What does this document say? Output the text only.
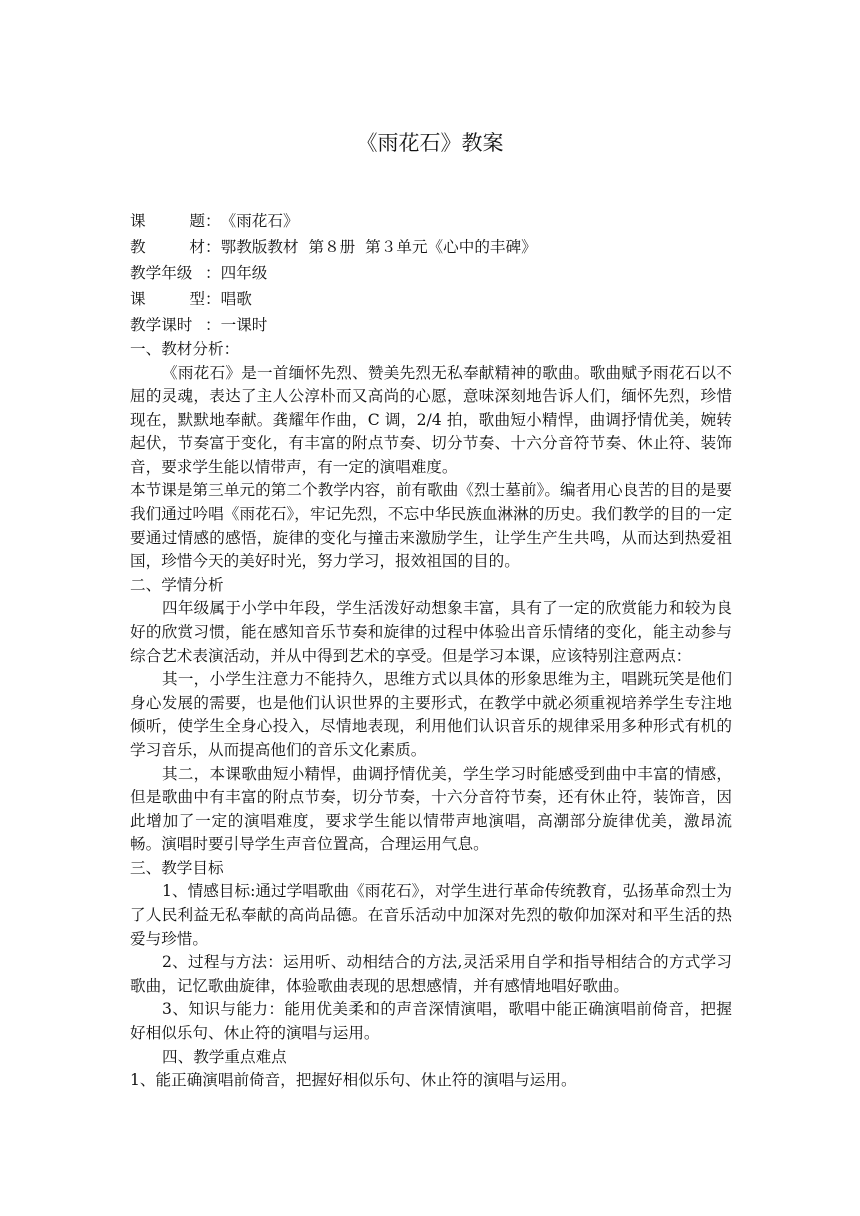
《雨花石》教案
课题：《雨花石》
教材：鄂教版教材  第８册  第３单元《心中的丰碑》
教学年级 ：四年级
课型：唱歌
教学课时 ：一课时
一、教材分析：

《雨花石》是一首缅怀先烈、赞美先烈无私奉献精神的歌曲。歌曲赋予雨花石以不屈的灵魂，表达了主人公淳朴而又高尚的心愿，意味深刻地告诉人们，缅怀先烈，珍惜现在，默默地奉献。龚耀年作曲，C 调，2/4 拍，歌曲短小精悍，曲调抒情优美，婉转起伏，节奏富于变化，有丰富的附点节奏、切分节奏、十六分音符节奏、休止符、装饰音，要求学生能以情带声，有一定的演唱难度。

本节课是第三单元的第二个教学内容，前有歌曲《烈士墓前》。编者用心良苦的目的是要我们通过吟唱《雨花石》，牢记先烈，不忘中华民族血淋淋的历史。我们教学的目的一定要通过情感的感悟，旋律的变化与撞击来激励学生，让学生产生共鸣，从而达到热爱祖国，珍惜今天的美好时光，努力学习，报效祖国的目的。

二、学情分析

四年级属于小学中年段，学生活泼好动想象丰富，具有了一定的欣赏能力和较为良好的欣赏习惯，能在感知音乐节奏和旋律的过程中体验出音乐情绪的变化，能主动参与综合艺术表演活动，并从中得到艺术的享受。但是学习本课，应该特别注意两点：

其一，小学生注意力不能持久，思维方式以具体的形象思维为主，唱跳玩笑是他们身心发展的需要，也是他们认识世界的主要形式，在教学中就必须重视培养学生专注地倾听，使学生全身心投入，尽情地表现，利用他们认识音乐的规律采用多种形式有机的学习音乐，从而提高他们的音乐文化素质。

其二，本课歌曲短小精悍，曲调抒情优美，学生学习时能感受到曲中丰富的情感，但是歌曲中有丰富的附点节奏，切分节奏，十六分音符节奏，还有休止符，装饰音，因此增加了一定的演唱难度，要求学生能以情带声地演唱，高潮部分旋律优美，激昂流畅。演唱时要引导学生声音位置高，合理运用气息。

三、教学目标

1、情感目标:通过学唱歌曲《雨花石》，对学生进行革命传统教育，弘扬革命烈士为了人民利益无私奉献的高尚品德。在音乐活动中加深对先烈的敬仰加深对和平生活的热爱与珍惜。

2、过程与方法：运用听、动相结合的方法,灵活采用自学和指导相结合的方式学习歌曲，记忆歌曲旋律，体验歌曲表现的思想感情，并有感情地唱好歌曲。

3、知识与能力：能用优美柔和的声音深情演唱，歌唱中能正确演唱前倚音，把握好相似乐句、休止符的演唱与运用。

四、教学重点难点

1、能正确演唱前倚音，把握好相似乐句、休止符的演唱与运用。
